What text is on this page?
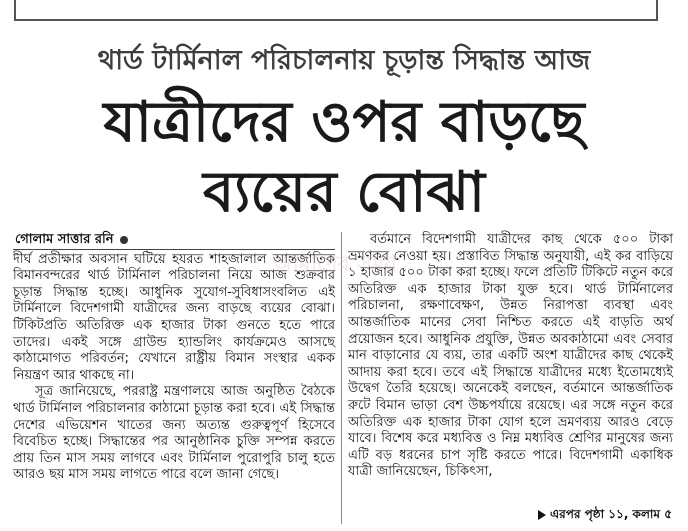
থার্ড টার্মিনাল পরিচালনায় চূড়ান্ত সিদ্ধান্ত আজ
যাত্রীদের ওপর বাড়ছে
ব্যয়ের বোঝা
গোলাম সাত্তার রনি

দীর্ঘ প্রতীক্ষার অবসান ঘটিয়ে হযরত শাহজালাল আন্তর্জাতিক বিমানবন্দরের থার্ড টার্মিনাল পরিচালনা নিয়ে আজ শুক্রবার চূড়ান্ত সিদ্ধান্ত হচ্ছে। আধুনিক সুযোগ-সুবিধাসংবলিত এই টার্মিনালে বিদেশগামী যাত্রীদের জন্য বাড়ছে ব্যয়ের বোঝা। টিকিটপ্রতি অতিরিক্ত এক হাজার টাকা গুনতে হতে পারে তাদের। একই সঙ্গে গ্রাউন্ড হ্যান্ডলিং কার্যক্রমেও আসছে কাঠামোগত পরিবর্তন; যেখানে রাষ্ট্রীয় বিমান সংস্থার একক নিয়ন্ত্রণ আর থাকছে না।

সূত্র জানিয়েছে, পররাষ্ট্র মন্ত্রণালয়ে আজ অনুষ্ঠিত বৈঠকে থার্ড টার্মিনাল পরিচালনার কাঠামো চূড়ান্ত করা হবে। এই সিদ্ধান্ত দেশের এভিয়েশন খাতের জন্য অত্যন্ত গুরুত্বপূর্ণ হিসেবে বিবেচিত হচ্ছে। সিদ্ধান্তের পর আনুষ্ঠানিক চুক্তি সম্পন্ন করতে প্রায় তিন মাস সময় লাগবে এবং টার্মিনাল পুরোপুরি চালু হতে আরও ছয় মাস সময় লাগতে পারে বলে জানা গেছে।

বর্তমানে বিদেশগামী যাত্রীদের কাছ থেকে ৫০০ টাকা ভ্রমণকর নেওয়া হয়। প্রস্তাবিত সিদ্ধান্ত অনুযায়ী, এই কর বাড়িয়ে ১ হাজার ৫০০ টাকা করা হচ্ছে। ফলে প্রতিটি টিকিটে নতুন করে অতিরিক্ত এক হাজার টাকা যুক্ত হবে। থার্ড টার্মিনালের পরিচালনা, রক্ষণাবেক্ষণ, উন্নত নিরাপত্তা ব্যবস্থা এবং আন্তর্জাতিক মানের সেবা নিশ্চিত করতে এই বাড়তি অর্থ প্রয়োজন হবে। আধুনিক প্রযুক্তি, উন্নত অবকাঠামো এবং সেবার মান বাড়ানোর যে ব্যয়, তার একটি অংশ যাত্রীদের কাছ থেকেই আদায় করা হবে। তবে এই সিদ্ধান্তে যাত্রীদের মধ্যে ইতোমধ্যেই উদ্বেগ তৈরি হয়েছে। অনেকেই বলছেন, বর্তমানে আন্তর্জাতিক রুটে বিমান ভাড়া বেশ উচ্চপর্যায়ে রয়েছে। এর সঙ্গে নতুন করে অতিরিক্ত এক হাজার টাকা যোগ হলে ভ্রমণব্যয় আরও বেড়ে যাবে। বিশেষ করে মধ্যবিত্ত ও নিম্ন মধ্যবিত্ত শ্রেণির মানুষের জন্য এটি বড় ধরনের চাপ সৃষ্টি করতে পারে। বিদেশগামী একাধিক যাত্রী জানিয়েছেন, চিকিৎসা,

আমাদের সময়
এরপর পৃষ্ঠা ১১, কলাম ৫
